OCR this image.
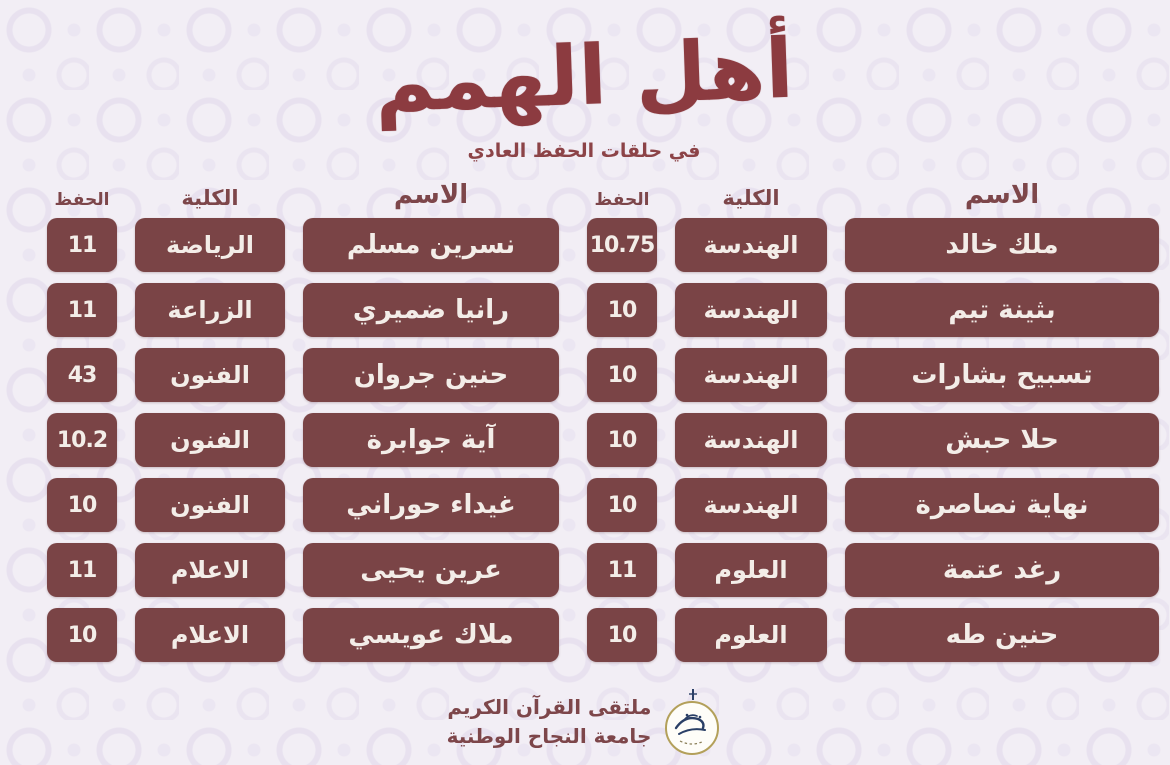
أهل الهمم
في حلقات الحفظ العادي
الاسم
الكلية
الحفظ
ملك خالد
الهندسة
10.75
بثينة تيم
الهندسة
10
تسبيح بشارات
الهندسة
10
حلا حبش
الهندسة
10
نهاية نصاصرة
الهندسة
10
رغد عتمة
العلوم
11
حنين طه
العلوم
10
الاسم
الكلية
الحفظ
نسرين مسلم
الرياضة
11
رانيا ضميري
الزراعة
11
حنين جروان
الفنون
43
آية جوابرة
الفنون
10.2
غيداء حوراني
الفنون
10
عرين يحيى
الاعلام
11
ملاك عويسي
الاعلام
10
ملتقى القرآن الكريم
جامعة النجاح الوطنية
